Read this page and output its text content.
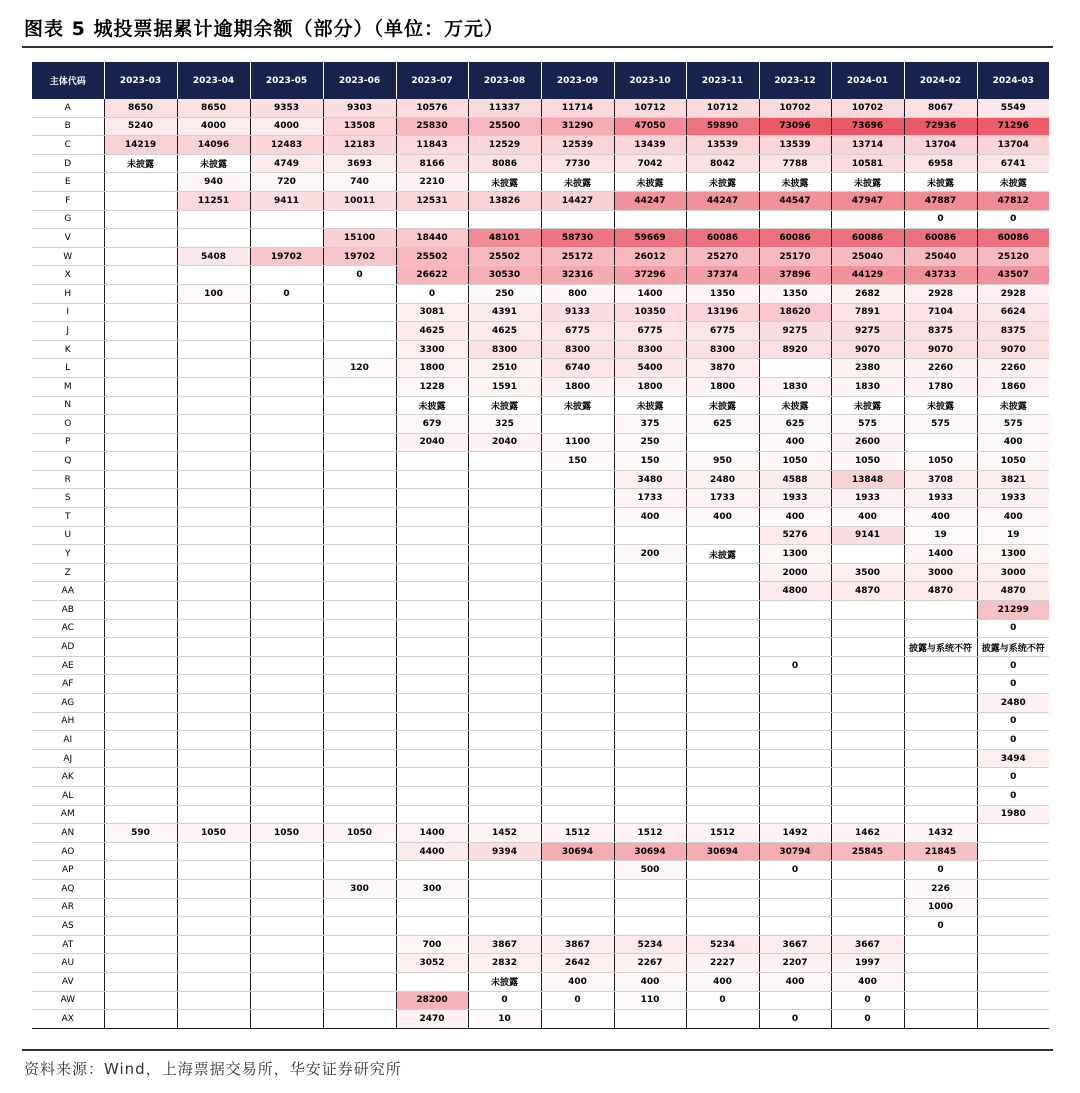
图表 5 城投票据累计逾期余额（部分）（单位：万元）
主体代码	2023-03	2023-04	2023-05	2023-06	2023-07	2023-08	2023-09	2023-10	2023-11	2023-12	2024-01	2024-02	2024-03
A	8650	8650	9353	9303	10576	11337	11714	10712	10712	10702	10702	8067	5549
B	5240	4000	4000	13508	25830	25500	31290	47050	59890	73096	73696	72936	71296
C	14219	14096	12483	12183	11843	12529	12539	13439	13539	13539	13714	13704	13704
D	未披露	未披露	4749	3693	8166	8086	7730	7042	8042	7788	10581	6958	6741
E		940	720	740	2210	未披露	未披露	未披露	未披露	未披露	未披露	未披露	未披露
F		11251	9411	10011	12531	13826	14427	44247	44247	44547	47947	47887	47812
G												0	0
V				15100	18440	48101	58730	59669	60086	60086	60086	60086	60086
W		5408	19702	19702	25502	25502	25172	26012	25270	25170	25040	25040	25120
X				0	26622	30530	32316	37296	37374	37896	44129	43733	43507
H		100	0		0	250	800	1400	1350	1350	2682	2928	2928
I					3081	4391	9133	10350	13196	18620	7891	7104	6624
J					4625	4625	6775	6775	6775	9275	9275	8375	8375
K					3300	8300	8300	8300	8300	8920	9070	9070	9070
L				120	1800	2510	6740	5400	3870		2380	2260	2260
M					1228	1591	1800	1800	1800	1830	1830	1780	1860
N					未披露	未披露	未披露	未披露	未披露	未披露	未披露	未披露	未披露
O					679	325		375	625	625	575	575	575
P					2040	2040	1100	250		400	2600		400
Q							150	150	950	1050	1050	1050	1050
R								3480	2480	4588	13848	3708	3821
S								1733	1733	1933	1933	1933	1933
T								400	400	400	400	400	400
U										5276	9141	19	19
Y								200	未披露	1300		1400	1300
Z										2000	3500	3000	3000
AA										4800	4870	4870	4870
AB													21299
AC													0
AD												披露与系统不符	披露与系统不符
AE										0			0
AF													0
AG													2480
AH													0
AI													0
AJ													3494
AK													0
AL													0
AM													1980
AN	590	1050	1050	1050	1400	1452	1512	1512	1512	1492	1462	1432	
AO					4400	9394	30694	30694	30694	30794	25845	21845	
AP								500		0		0	
AQ				300	300							226	
AR												1000	
AS												0	
AT					700	3867	3867	5234	5234	3667	3667		
AU					3052	2832	2642	2267	2227	2207	1997		
AV						未披露	400	400	400	400	400		
AW					28200	0	0	110	0		0		
AX					2470	10				0	0		
资料来源：Wind，上海票据交易所，华安证券研究所
